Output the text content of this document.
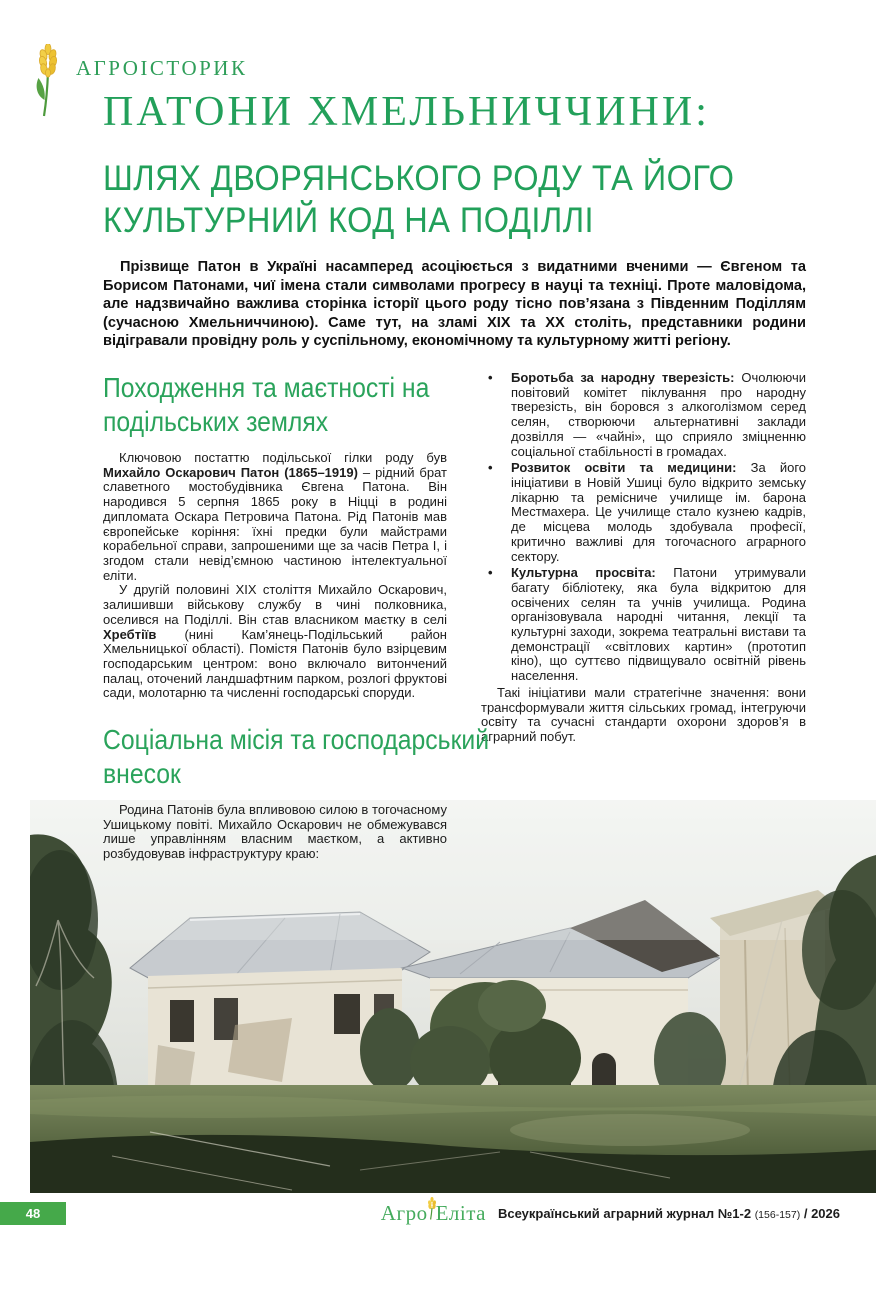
АГРОІСТОРИК
ПАТОНИ ХМЕЛЬНИЧЧИНИ:
ШЛЯХ ДВОРЯНСЬКОГО РОДУ ТА ЙОГО
КУЛЬТУРНИЙ КОД НА ПОДІЛЛІ

Прізвище Патон в Україні насамперед асоціюється з видатними вченими — Євгеном та Борисом Патонами, чиї імена стали символами прогресу в науці та техніці. Проте маловідома, але надзвичайно важлива сторінка історії цього роду тісно пов’язана з Південним Поділлям (сучасною Хмельниччиною). Саме тут, на зламі XIX та XX століть, представники родини відігравали провідну роль у суспільному, економічному та культурному житті регіону.

Походження та маєтності на
подільських землях

Ключовою постаттю подільської гілки роду був Михайло Оскарович Патон (1865–1919) – рідний брат славетного мостобудівника Євгена Патона. Він народився 5 серпня 1865 року в Ніцці в родині дипломата Оскара Петровича Патона. Рід Патонів мав європейське коріння: їхні предки були майстрами корабельної справи, запрошеними ще за часів Петра І, і згодом стали невід’ємною частиною інтелектуальної еліти.

У другій половині XIX століття Михайло Оскарович, залишивши військову службу в чині полковника, оселився на Поділлі. Він став власником маєтку в селі Хребтіїв (нині Кам’янець-Подільський район Хмельницької області). Помістя Патонів було взірцевим господарським центром: воно включало витончений палац, оточений ландшафтним парком, розлогі фруктові сади, молотарню та численні господарські споруди.

Соціальна місія та господарський
внесок

Родина Патонів була впливовою силою в тогочасному Ушицькому повіті. Михайло Оскарович не обмежувався лише управлінням власним маєтком, а активно розбудовував інфраструктуру краю:

• Боротьба за народну тверезість: Очолюючи повітовий комітет піклування про народну тверезість, він боровся з алкоголізмом серед селян, створюючи альтернативні заклади дозвілля — «чайні», що сприяло зміцненню соціальної стабільності в громадах.
• Розвиток освіти та медицини: За його ініціативи в Новій Ушиці було відкрито земську лікарню та ремісниче училище ім. барона Местмахера. Це училище стало кузнею кадрів, де місцева молодь здобувала професії, критично важливі для тогочасного аграрного сектору.
• Культурна просвіта: Патони утримували багату бібліотеку, яка була відкритою для освічених селян та учнів училища. Родина організовувала народні читання, лекції та культурні заходи, зокрема театральні вистави та демонстрації «світлових картин» (прототип кіно), що суттєво підвищувало освітній рівень населення.

Такі ініціативи мали стратегічне значення: вони трансформували життя сільських громад, інтегруючи освіту та сучасні стандарти охорони здоров’я в аграрний побут.

48	Агро Еліта Всеукраїнський аграрний журнал №1-2 (156-157) / 2026
